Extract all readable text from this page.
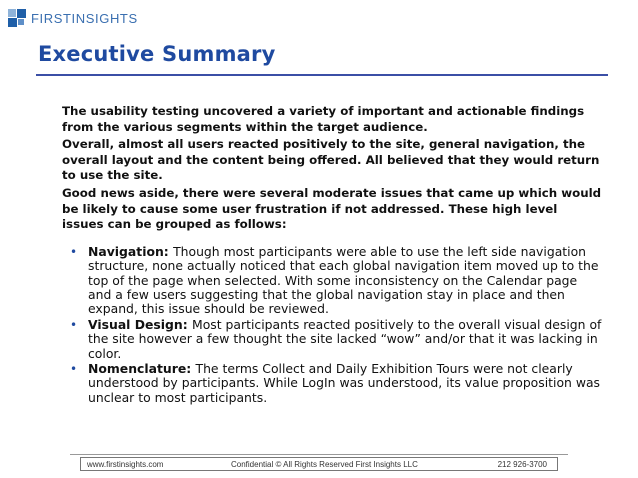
FIRSTINSIGHTS
Executive Summary

The usability testing uncovered a variety of important and actionable findings from the various segments within the target audience.

Overall, almost all users reacted positively to the site, general navigation, the overall layout and the content being offered. All believed that they would return to use the site.

Good news aside, there were several moderate issues that came up which would be likely to cause some user frustration if not addressed. These high level issues can be grouped as follows:

• Navigation: Though most participants were able to use the left side navigation structure, none actually noticed that each global navigation item moved up to the top of the page when selected. With some inconsistency on the Calendar page and a few users suggesting that the global navigation stay in place and then expand, this issue should be reviewed.
• Visual Design: Most participants reacted positively to the overall visual design of the site however a few thought the site lacked “wow” and/or that it was lacking in color.
• Nomenclature: The terms Collect and Daily Exhibition Tours were not clearly understood by participants. While LogIn was understood, its value proposition was unclear to most participants.
www.firstinsights.com	Confidential © All Rights Reserved First Insights LLC	212 926-3700
